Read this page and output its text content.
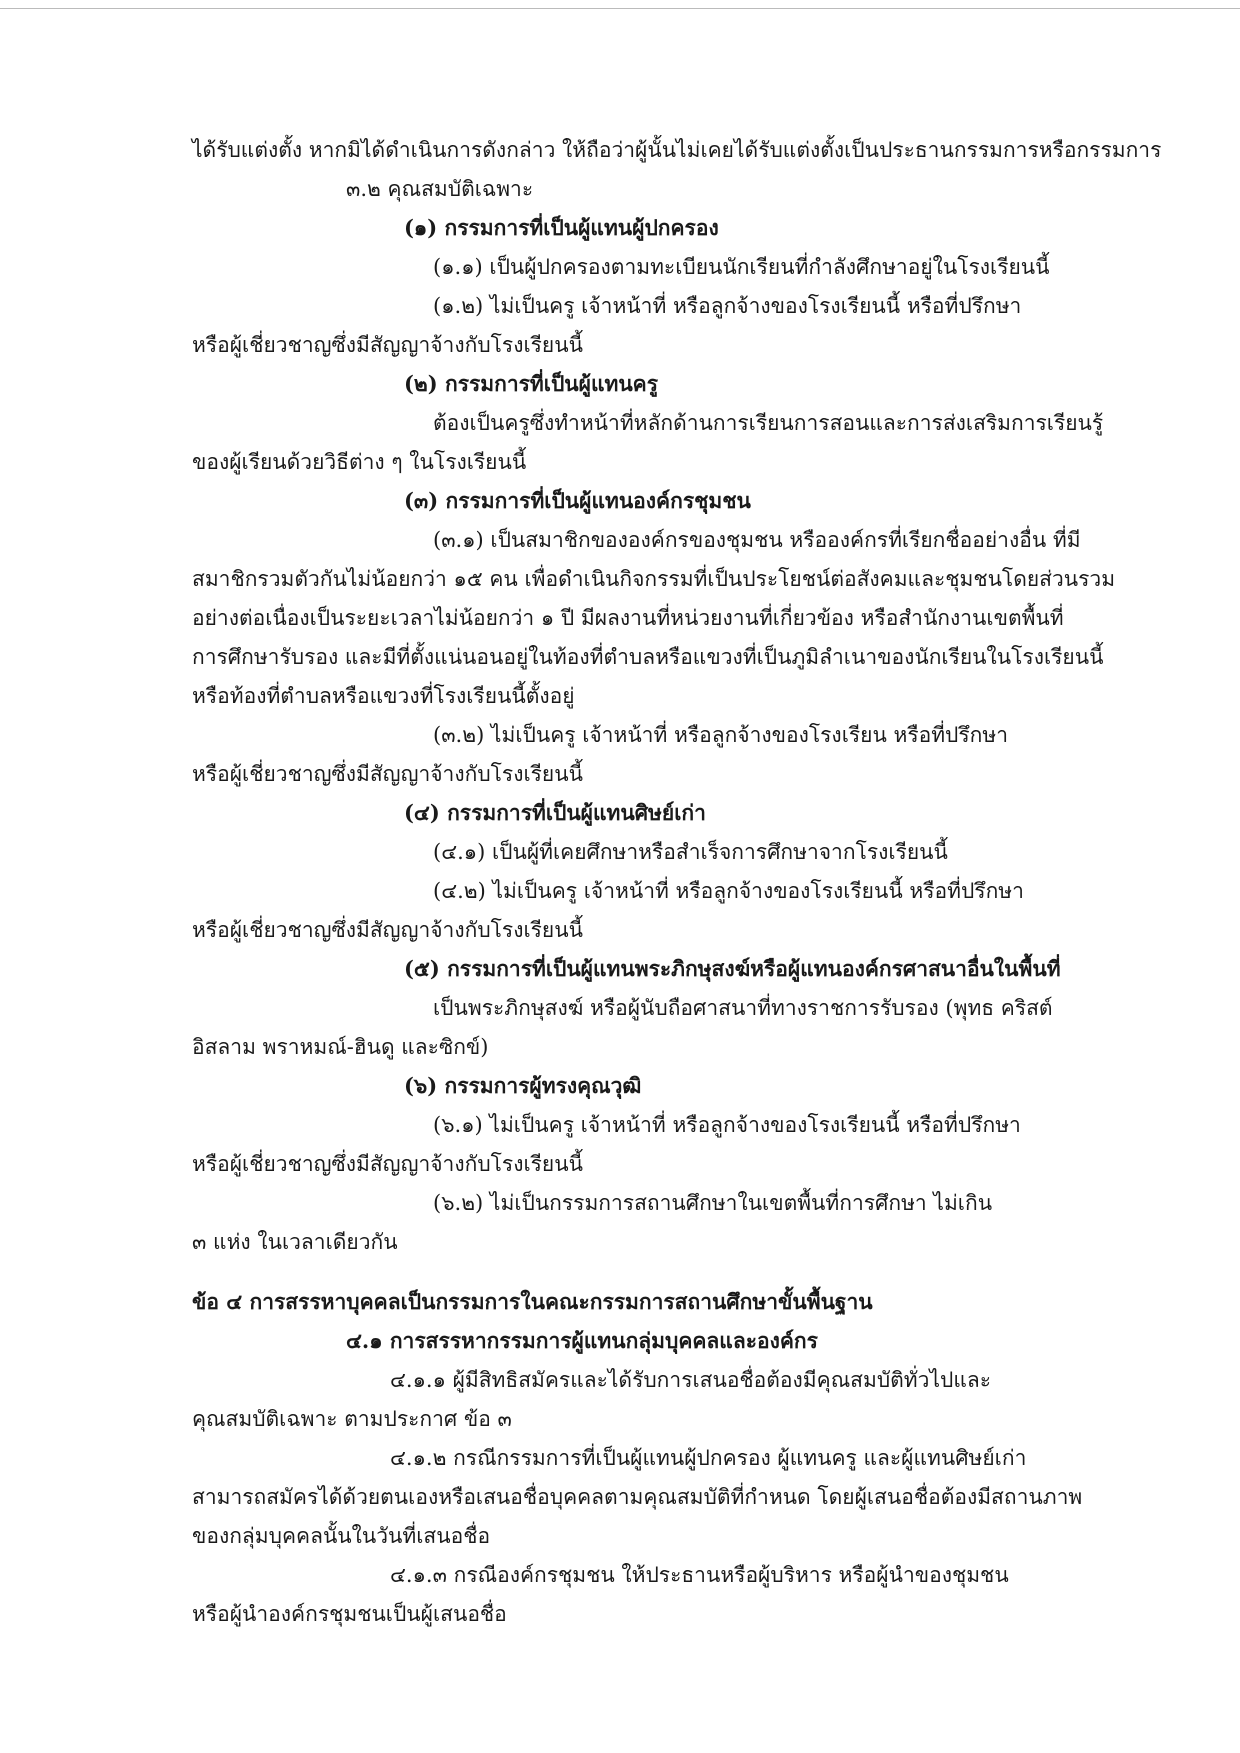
ได้รับแต่งตั้ง หากมิได้ดำเนินการดังกล่าว ให้ถือว่าผู้นั้นไม่เคยได้รับแต่งตั้งเป็นประธานกรรมการหรือกรรมการ
๓.๒ คุณสมบัติเฉพาะ
(๑) กรรมการที่เป็นผู้แทนผู้ปกครอง
(๑.๑) เป็นผู้ปกครองตามทะเบียนนักเรียนที่กำลังศึกษาอยู่ในโรงเรียนนี้
(๑.๒) ไม่เป็นครู เจ้าหน้าที่ หรือลูกจ้างของโรงเรียนนี้ หรือที่ปรึกษา
หรือผู้เชี่ยวชาญซึ่งมีสัญญาจ้างกับโรงเรียนนี้
(๒) กรรมการที่เป็นผู้แทนครู
ต้องเป็นครูซึ่งทำหน้าที่หลักด้านการเรียนการสอนและการส่งเสริมการเรียนรู้
ของผู้เรียนด้วยวิธีต่าง ๆ ในโรงเรียนนี้
(๓) กรรมการที่เป็นผู้แทนองค์กรชุมชน
(๓.๑) เป็นสมาชิกขององค์กรของชุมชน หรือองค์กรที่เรียกชื่ออย่างอื่น ที่มี
สมาชิกรวมตัวกันไม่น้อยกว่า ๑๕ คน เพื่อดำเนินกิจกรรมที่เป็นประโยชน์ต่อสังคมและชุมชนโดยส่วนรวม
อย่างต่อเนื่องเป็นระยะเวลาไม่น้อยกว่า ๑ ปี มีผลงานที่หน่วยงานที่เกี่ยวข้อง หรือสำนักงานเขตพื้นที่
การศึกษารับรอง และมีที่ตั้งแน่นอนอยู่ในท้องที่ตำบลหรือแขวงที่เป็นภูมิลำเนาของนักเรียนในโรงเรียนนี้
หรือท้องที่ตำบลหรือแขวงที่โรงเรียนนี้ตั้งอยู่
(๓.๒) ไม่เป็นครู เจ้าหน้าที่ หรือลูกจ้างของโรงเรียน หรือที่ปรึกษา
หรือผู้เชี่ยวชาญซึ่งมีสัญญาจ้างกับโรงเรียนนี้
(๔) กรรมการที่เป็นผู้แทนศิษย์เก่า
(๔.๑) เป็นผู้ที่เคยศึกษาหรือสำเร็จการศึกษาจากโรงเรียนนี้
(๔.๒) ไม่เป็นครู เจ้าหน้าที่ หรือลูกจ้างของโรงเรียนนี้ หรือที่ปรึกษา
หรือผู้เชี่ยวชาญซึ่งมีสัญญาจ้างกับโรงเรียนนี้
(๕) กรรมการที่เป็นผู้แทนพระภิกษุสงฆ์หรือผู้แทนองค์กรศาสนาอื่นในพื้นที่
เป็นพระภิกษุสงฆ์ หรือผู้นับถือศาสนาที่ทางราชการรับรอง (พุทธ คริสต์
อิสลาม พราหมณ์-ฮินดู และซิกข์)
(๖) กรรมการผู้ทรงคุณวุฒิ
(๖.๑) ไม่เป็นครู เจ้าหน้าที่ หรือลูกจ้างของโรงเรียนนี้ หรือที่ปรึกษา
หรือผู้เชี่ยวชาญซึ่งมีสัญญาจ้างกับโรงเรียนนี้
(๖.๒) ไม่เป็นกรรมการสถานศึกษาในเขตพื้นที่การศึกษา ไม่เกิน
๓ แห่ง ในเวลาเดียวกัน
ข้อ ๔ การสรรหาบุคคลเป็นกรรมการในคณะกรรมการสถานศึกษาขั้นพื้นฐาน
๔.๑ การสรรหากรรมการผู้แทนกลุ่มบุคคลและองค์กร
๔.๑.๑ ผู้มีสิทธิสมัครและได้รับการเสนอชื่อต้องมีคุณสมบัติทั่วไปและ
คุณสมบัติเฉพาะ ตามประกาศ ข้อ ๓
๔.๑.๒ กรณีกรรมการที่เป็นผู้แทนผู้ปกครอง ผู้แทนครู และผู้แทนศิษย์เก่า
สามารถสมัครได้ด้วยตนเองหรือเสนอชื่อบุคคลตามคุณสมบัติที่กำหนด โดยผู้เสนอชื่อต้องมีสถานภาพ
ของกลุ่มบุคคลนั้นในวันที่เสนอชื่อ
๔.๑.๓ กรณีองค์กรชุมชน ให้ประธานหรือผู้บริหาร หรือผู้นำของชุมชน
หรือผู้นำองค์กรชุมชนเป็นผู้เสนอชื่อ
